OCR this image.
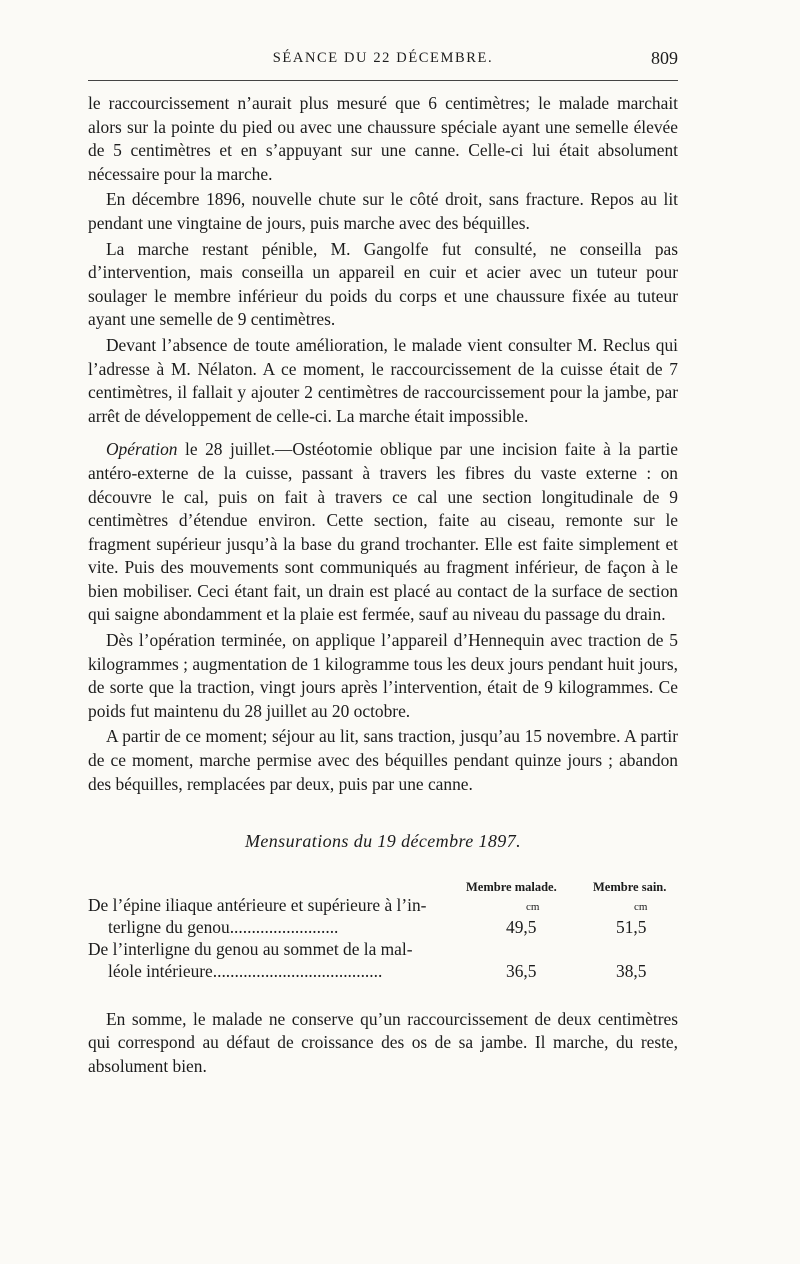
SÉANCE DU 22 DÉCEMBRE.	809

le raccourcissement n’aurait plus mesuré que 6 centimètres; le malade marchait alors sur la pointe du pied ou avec une chaussure spéciale ayant une semelle élevée de 5 centimètres et en s’appuyant sur une canne. Celle-ci lui était absolument nécessaire pour la marche.

En décembre 1896, nouvelle chute sur le côté droit, sans fracture. Repos au lit pendant une vingtaine de jours, puis marche avec des béquilles.

La marche restant pénible, M. Gangolfe fut consulté, ne conseilla pas d’intervention, mais conseilla un appareil en cuir et acier avec un tuteur pour soulager le membre inférieur du poids du corps et une chaussure fixée au tuteur ayant une semelle de 9 centimètres.

Devant l’absence de toute amélioration, le malade vient consulter M. Reclus qui l’adresse à M. Nélaton. A ce moment, le raccourcissement de la cuisse était de 7 centimètres, il fallait y ajouter 2 centimètres de raccourcissement pour la jambe, par arrêt de développement de celle-ci. La marche était impossible.

Opération le 28 juillet.—Ostéotomie oblique par une incision faite à la partie antéro-externe de la cuisse, passant à travers les fibres du vaste externe : on découvre le cal, puis on fait à travers ce cal une section longitudinale de 9 centimètres d’étendue environ. Cette section, faite au ciseau, remonte sur le fragment supérieur jusqu’à la base du grand trochanter. Elle est faite simplement et vite. Puis des mouvements sont communiqués au fragment inférieur, de façon à le bien mobiliser. Ceci étant fait, un drain est placé au contact de la surface de section qui saigne abondamment et la plaie est fermée, sauf au niveau du passage du drain.

Dès l’opération terminée, on applique l’appareil d’Hennequin avec traction de 5 kilogrammes ; augmentation de 1 kilogramme tous les deux jours pendant huit jours, de sorte que la traction, vingt jours après l’intervention, était de 9 kilogrammes. Ce poids fut maintenu du 28 juillet au 20 octobre.

A partir de ce moment; séjour au lit, sans traction, jusqu’au 15 novembre. A partir de ce moment, marche permise avec des béquilles pendant quinze jours ; abandon des béquilles, remplacées par deux, puis par une canne.

Mensurations du 19 décembre 1897.
Membre malade.	Membre sain.
De l’épine iliaque antérieure et supérieure à l’in-	cm	cm
terligne du genou.........................	49,5	51,5
De l’interligne du genou au sommet de la mal-
léole intérieure.......................................	36,5	38,5

En somme, le malade ne conserve qu’un raccourcissement de deux centimètres qui correspond au défaut de croissance des os de sa jambe. Il marche, du reste, absolument bien.
